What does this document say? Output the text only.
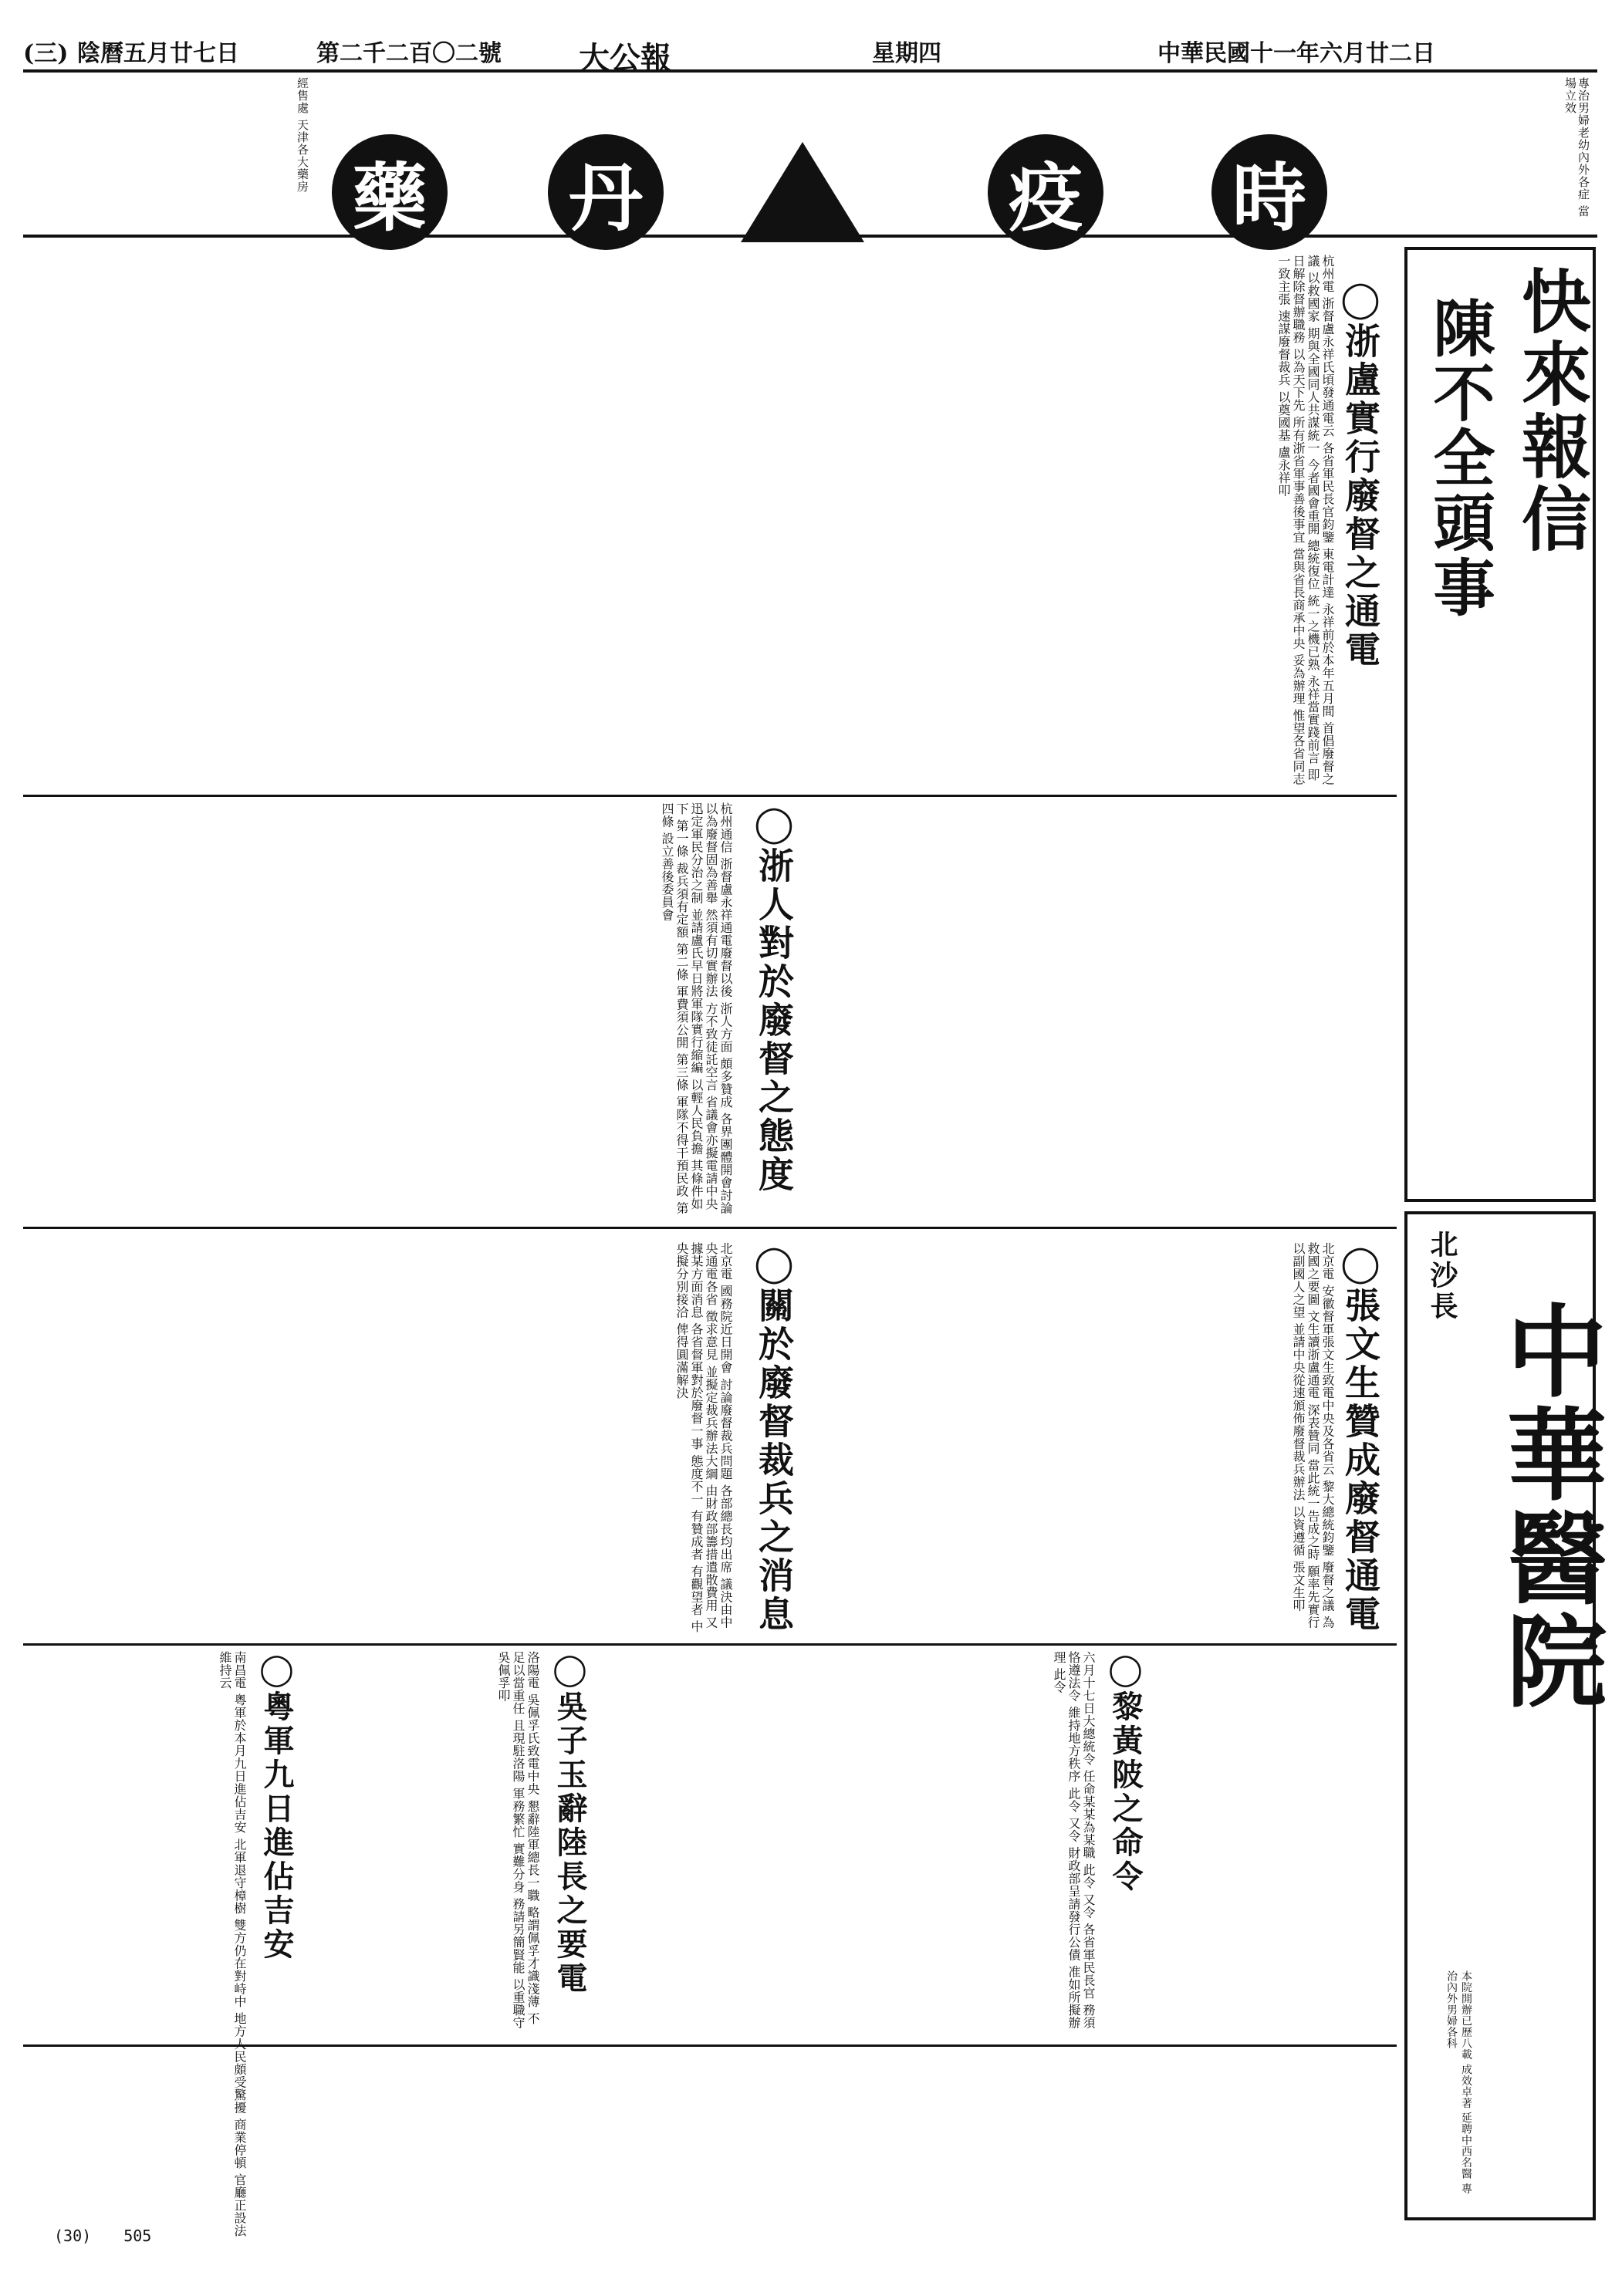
中華民國十一年六月廿二日
星期四
大公報
第二千二百〇二號
陰曆五月廿七日
(三)
專治男婦老幼內外各症 當場立效
時
疫
丹
藥
經售處 天津各大藥房
快來報信
陳不全頭事
中華醫院
北沙長
本院開辦已歷八載 成效卓著 延聘中西名醫 專治內外男婦各科
◯ 浙盧實行廢督之通電
杭州電 浙督盧永祥氏頃發通電云 各省軍民長官鈞鑒 東電計達 永祥前於本年五月間 首倡廢督之議 以救國家 期與全國同人共謀統一 今者國會重開 總統復位 統一之機已熟 永祥當實踐前言 即日解除督辦職務 以為天下先 所有浙省軍事善後事宜 當與省長商承中央 妥為辦理 惟望各省同志 一致主張 速謀廢督裁兵 以奠國基 盧永祥叩
◯ 張文生贊成廢督通電
北京電 安徽督軍張文生致電中央及各省云 黎大總統鈞鑒 廢督之議 為救國之要圖 文生讀浙盧通電 深表贊同 當此統一告成之時 願率先實行 以副國人之望 並請中央從速頒佈廢督裁兵辦法 以資遵循 張文生叩
◯ 浙人對於廢督之態度
杭州通信 浙督盧永祥通電廢督以後 浙人方面 頗多贊成 各界團體開會討論 以為廢督固為善舉 然須有切實辦法 方不致徒託空言 省議會亦擬電請中央 迅定軍民分治之制 並請盧氏早日將軍隊實行縮編 以輕人民負擔 其條件如下 第一條 裁兵須有定額 第二條 軍費須公開 第三條 軍隊不得干預民政 第四條 設立善後委員會
◯ 關於廢督裁兵之消息
北京電 國務院近日開會 討論廢督裁兵問題 各部總長均出席 議決由中央通電各省 徵求意見 並擬定裁兵辦法大綱 由財政部籌措遣散費用 又據某方面消息 各省督軍對於廢督一事 態度不一 有贊成者 有觀望者 中央擬分別接洽 俾得圓滿解決
◯ 吳子玉辭陸長之要電
洛陽電 吳佩孚氏致電中央 懇辭陸軍總長一職 略謂佩孚才識淺薄 不足以當重任 且現駐洛陽 軍務繁忙 實難分身 務請另簡賢能 以重職守 吳佩孚叩
◯ 黎黃陂之命令
六月十七日大總統令 任命某某為某職 此令 又令 各省軍民長官 務須恪遵法令 維持地方秩序 此令 又令 財政部呈請發行公債 准如所擬辦理 此令
◯ 粵軍九日進佔吉安
南昌電 粵軍於本月九日進佔吉安 北軍退守樟樹 雙方仍在對峙中 地方人民頗受驚擾 商業停頓 官廳正設法維持云
(30) 505
